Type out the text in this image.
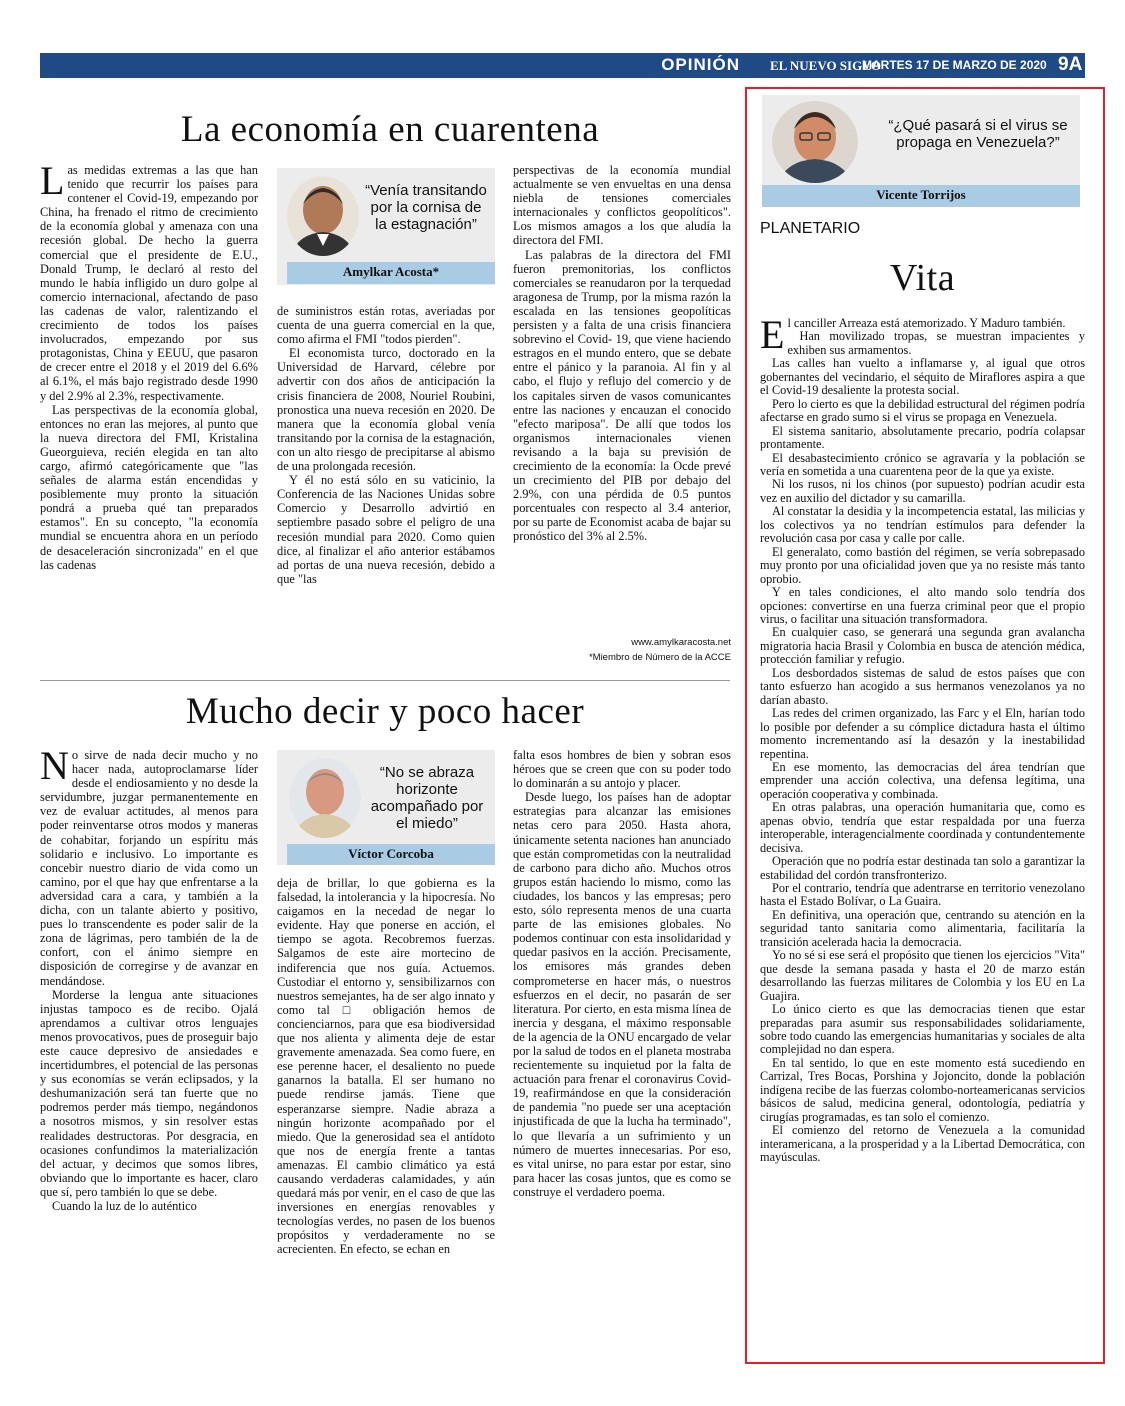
OPINIÓN EL NUEVO SIGLO
MARTES 17 DE MARZO DE 2020 9A
La economía en cuarentena
L as medidas extremas a las que han tenido que recurrir los países para contener el Covid-19, empezando por China, ha frenado el ritmo de crecimiento de la economía global y amenaza con una recesión global. De hecho la guerra comercial que el presidente de E.U., Donald Trump, le declaró al resto del mundo le había infligido un duro golpe al comercio internacional, afectando de paso las cadenas de valor, ralentizando el crecimiento de todos los países involucrados, empezando por sus protagonistas, China y EEUU, que pasaron de crecer entre el 2018 y el 2019 del 6.6% al 6.1%, el más bajo registrado desde 1990 y del 2.9% al 2.3%, respectivamente.

Las perspectivas de la economía global, entonces no eran las mejores, al punto que la nueva directora del FMI, Kristalina Gueorguieva, recién elegida en tan alto cargo, afirmó categóricamente que "las señales de alarma están encendidas y posiblemente muy pronto la situación pondrá a prueba qué tan preparados estamos". En su concepto, "la economía mundial se encuentra ahora en un período de desaceleración sincronizada" en el que las cadenas

“Venía transitando por la cornisa de la estagnación”
Amylkar Acosta*

de suministros están rotas, averiadas por cuenta de una guerra comercial en la que, como afirma el FMI "todos pierden".

El economista turco, doctorado en la Universidad de Harvard, célebre por advertir con dos años de anticipación la crisis financiera de 2008, Nouriel Roubini, pronostica una nueva recesión en 2020. De manera que la economía global venía transitando por la cornisa de la estagnación, con un alto riesgo de precipitarse al abismo de una prolongada recesión.

Y él no está sólo en su vaticinio, la Conferencia de las Naciones Unidas sobre Comercio y Desarrollo advirtió en septiembre pasado sobre el peligro de una recesión mundial para 2020. Como quien dice, al finalizar el año anterior estábamos ad portas de una nueva recesión, debido a que "las

perspectivas de la economía mundial actualmente se ven envueltas en una densa niebla de tensiones comerciales internacionales y conflictos geopolíticos". Los mismos amagos a los que aludía la directora del FMI.

Las palabras de la directora del FMI fueron premonitorias, los conflictos comerciales se reanudaron por la terquedad aragonesa de Trump, por la misma razón la escalada en las tensiones geopolíticas persisten y a falta de una crisis financiera sobrevino el Covid- 19, que viene haciendo estragos en el mundo entero, que se debate entre el pánico y la paranoia. Al fin y al cabo, el flujo y reflujo del comercio y de los capitales sirven de vasos comunicantes entre las naciones y encauzan el conocido "efecto mariposa". De allí que todos los organismos internacionales vienen revisando a la baja su previsión de crecimiento de la economía: la Ocde prevé un crecimiento del PIB por debajo del 2.9%, con una pérdida de 0.5 puntos porcentuales con respecto al 3.4 anterior, por su parte de Economist acaba de bajar su pronóstico del 3% al 2.5%.

www.amylkaracosta.net
*Miembro de Número de la ACCE
Mucho decir y poco hacer
N o sirve de nada decir mucho y no hacer nada, autoproclamarse líder desde el endiosamiento y no desde la servidumbre, juzgar permanentemente en vez de evaluar actitudes, al menos para poder reinventarse otros modos y maneras de cohabitar, forjando un espíritu más solidario e inclusivo. Lo importante es concebir nuestro diario de vida como un camino, por el que hay que enfrentarse a la adversidad cara a cara, y también a la dicha, con un talante abierto y positivo, pues lo transcendente es poder salir de la zona de lágrimas, pero también de la de confort, con el ánimo siempre en disposición de corregirse y de avanzar en mendándose.

Morderse la lengua ante situaciones injustas tampoco es de recibo. Ojalá aprendamos a cultivar otros lenguajes menos provocativos, pues de proseguir bajo este cauce depresivo de ansiedades e incertidumbres, el potencial de las personas y sus economías se verán eclipsados, y la deshumanización será tan fuerte que no podremos perder más tiempo, negándonos a nosotros mismos, y sin resolver estas realidades destructoras. Por desgracia, en ocasiones confundimos la materialización del actuar, y decimos que somos libres, obviando que lo importante es hacer, claro que sí, pero también lo que se debe.

Cuando la luz de lo auténtico

“No se abraza horizonte acompañado por el miedo”
Víctor Corcoba

deja de brillar, lo que gobierna es la falsedad, la intolerancia y la hipocresía. No caigamos en la necedad de negar lo evidente. Hay que ponerse en acción, el tiempo se agota. Recobremos fuerzas. Salgamos de este aire mortecino de indiferencia que nos guía. Actuemos. Custodiar el entorno y, sensibilizarnos con nuestros semejantes, ha de ser algo innato y como tal □ obligación hemos de concienciarnos, para que esa biodiversidad que nos alienta y alimenta deje de estar gravemente amenazada. Sea como fuere, en ese perenne hacer, el desaliento no puede ganarnos la batalla. El ser humano no puede rendirse jamás. Tiene que esperanzarse siempre. Nadie abraza a ningún horizonte acompañado por el miedo. Que la generosidad sea el antídoto que nos de energía frente a tantas amenazas. El cambio climático ya está causando verdaderas calamidades, y aún quedará más por venir, en el caso de que las inversiones en energías renovables y tecnologías verdes, no pasen de los buenos propósitos y verdaderamente no se acrecienten. En efecto, se echan en

falta esos hombres de bien y sobran esos héroes que se creen que con su poder todo lo dominarán a su antojo y placer.

Desde luego, los países han de adoptar estrategias para alcanzar las emisiones netas cero para 2050. Hasta ahora, únicamente setenta naciones han anunciado que están comprometidas con la neutralidad de carbono para dicho año. Muchos otros grupos están haciendo lo mismo, como las ciudades, los bancos y las empresas; pero esto, sólo representa menos de una cuarta parte de las emisiones globales. No podemos continuar con esta insolidaridad y quedar pasivos en la acción. Precisamente, los emisores más grandes deben comprometerse en hacer más, o nuestros esfuerzos en el decir, no pasarán de ser literatura. Por cierto, en esta misma línea de inercia y desgana, el máximo responsable de la agencia de la ONU encargado de velar por la salud de todos en el planeta mostraba recientemente su inquietud por la falta de actuación para frenar el coronavirus Covid-19, reafirmándose en que la consideración de pandemia "no puede ser una aceptación injustificada de que la lucha ha terminado", lo que llevaría a un sufrimiento y un número de muertes innecesarias. Por eso, es vital unirse, no para estar por estar, sino para hacer las cosas juntos, que es como se construye el verdadero poema.

“¿Qué pasará si el virus se propaga en Venezuela?”
Vicente Torrijos
PLANETARIO
Vita
E l canciller Arreaza está atemorizado. Y Maduro también.

Han movilizado tropas, se muestran impacientes y exhiben sus armamentos.

Las calles han vuelto a inflamarse y, al igual que otros gobernantes del vecindario, el séquito de Miraflores aspira a que el Covid-19 desaliente la protesta social.

Pero lo cierto es que la debilidad estructural del régimen podría afectarse en grado sumo si el virus se propaga en Venezuela.

El sistema sanitario, absolutamente precario, podría colapsar prontamente.

El desabastecimiento crónico se agravaría y la población se vería en sometida a una cuarentena peor de la que ya existe.

Ni los rusos, ni los chinos (por supuesto) podrían acudir esta vez en auxilio del dictador y su camarilla.

Al constatar la desidia y la incompetencia estatal, las milicias y los colectivos ya no tendrían estímulos para defender la revolución casa por casa y calle por calle.

El generalato, como bastión del régimen, se vería sobrepasado muy pronto por una oficialidad joven que ya no resiste más tanto oprobio.

Y en tales condiciones, el alto mando solo tendría dos opciones: convertirse en una fuerza criminal peor que el propio virus, o facilitar una situación transformadora.

En cualquier caso, se generará una segunda gran avalancha migratoria hacia Brasil y Colombia en busca de atención médica, protección familiar y refugio.

Los desbordados sistemas de salud de estos países que con tanto esfuerzo han acogido a sus hermanos venezolanos ya no darían abasto.

Las redes del crimen organizado, las Farc y el Eln, harían todo lo posible por defender a su cómplice dictadura hasta el último momento incrementando así la desazón y la inestabilidad repentina.

En ese momento, las democracias del área tendrían que emprender una acción colectiva, una defensa legítima, una operación cooperativa y combinada.

En otras palabras, una operación humanitaria que, como es apenas obvio, tendría que estar respaldada por una fuerza interoperable, interagencialmente coordinada y contundentemente decisiva.

Operación que no podría estar destinada tan solo a garantizar la estabilidad del cordón transfronterizo.

Por el contrario, tendría que adentrarse en territorio venezolano hasta el Estado Bolívar, o La Guaira.

En definitiva, una operación que, centrando su atención en la seguridad tanto sanitaria como alimentaria, facilitaría la transición acelerada hacia la democracia.

Yo no sé si ese será el propósito que tienen los ejercicios "Vita" que desde la semana pasada y hasta el 20 de marzo están desarrollando las fuerzas militares de Colombia y los EU en La Guajira.

Lo único cierto es que las democracias tienen que estar preparadas para asumir sus responsabilidades solidariamente, sobre todo cuando las emergencias humanitarias y sociales de alta complejidad no dan espera.

En tal sentido, lo que en este momento está sucediendo en Carrizal, Tres Bocas, Porshina y Jojoncito, donde la población indígena recibe de las fuerzas colombo-norteamericanas servicios básicos de salud, medicina general, odontología, pediatría y cirugías programadas, es tan solo el comienzo.

El comienzo del retorno de Venezuela a la comunidad interamericana, a la prosperidad y a la Libertad Democrática, con mayúsculas.
